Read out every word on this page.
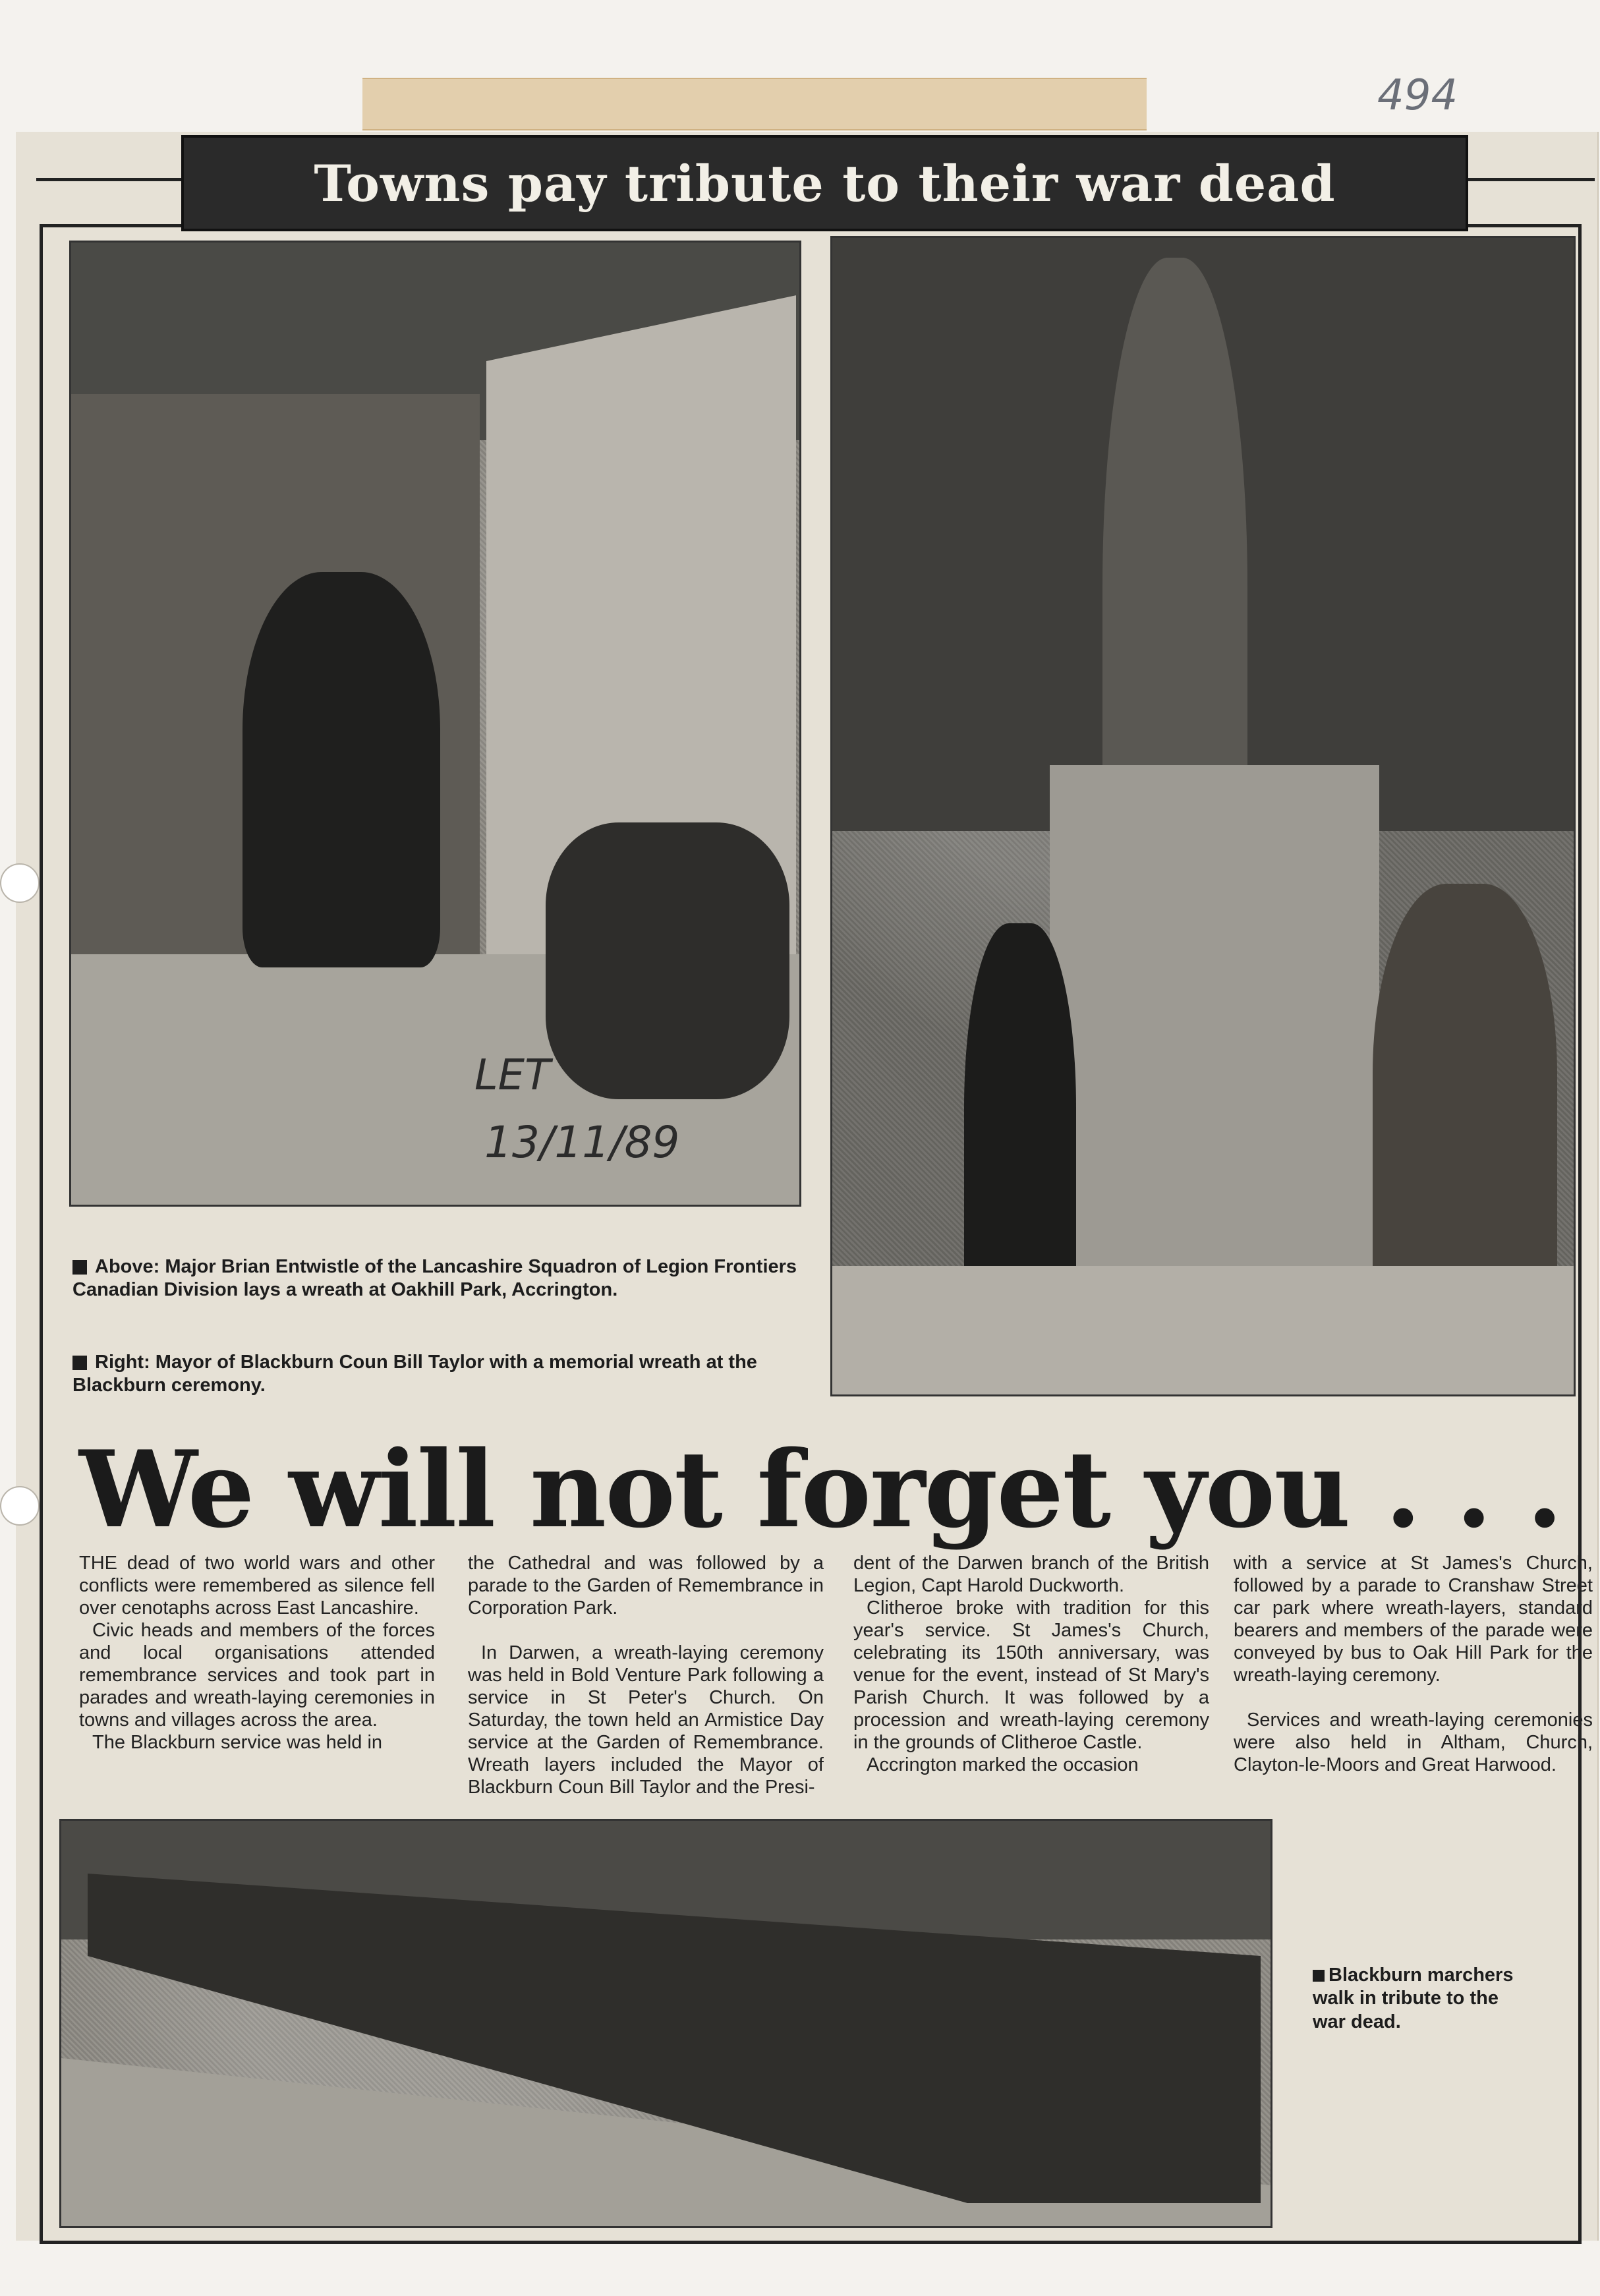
494
Towns pay tribute to their war dead
LET
13/11/89
Above: Major Brian Entwistle of the Lancashire Squadron of Legion Frontiers Canadian Division lays a wreath at Oakhill Park, Accrington.
Right: Mayor of Blackburn Coun Bill Taylor with a memorial wreath at the Blackburn ceremony.
We will not forget you . . .

THE dead of two world wars and other conflicts were remembered as silence fell over cenotaphs across East Lancashire.

Civic heads and members of the forces and local organisations attended remembrance services and took part in parades and wreath-laying ceremonies in towns and villages across the area.

The Blackburn service was held in

the Cathedral and was followed by a parade to the Garden of Remembrance in Corporation Park.

In Darwen, a wreath-laying ceremony was held in Bold Venture Park following a service in St Peter's Church. On Saturday, the town held an Armistice Day service at the Garden of Remembrance. Wreath layers included the Mayor of Blackburn Coun Bill Taylor and the Presi-

dent of the Darwen branch of the British Legion, Capt Harold Duckworth.

Clitheroe broke with tradition for this year's service. St James's Church, celebrating its 150th anniversary, was venue for the event, instead of St Mary's Parish Church. It was followed by a procession and wreath-laying ceremony in the grounds of Clitheroe Castle.

Accrington marked the occasion

with a service at St James's Church, followed by a parade to Cranshaw Street car park where wreath-layers, standard bearers and members of the parade were conveyed by bus to Oak Hill Park for the wreath-laying ceremony.

Services and wreath-laying ceremonies were also held in Altham, Church, Clayton-le-Moors and Great Harwood.

Blackburn marchers walk in tribute to the war dead.
